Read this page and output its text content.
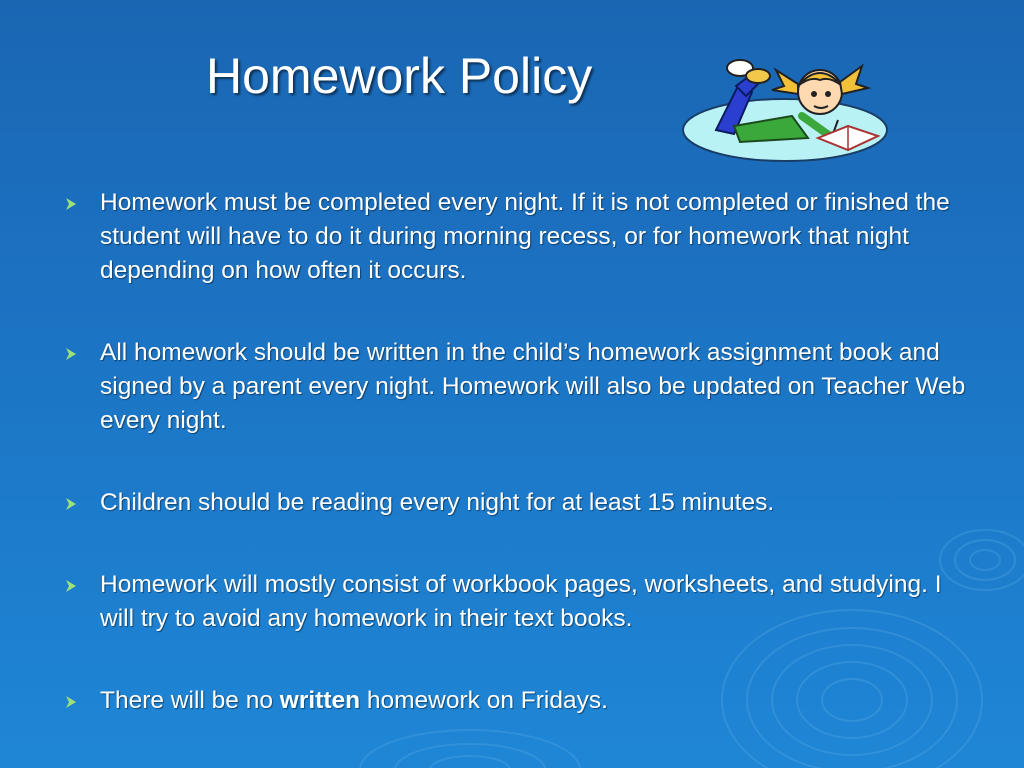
Homework Policy
Homework must be completed every night. If it is not completed or finished the student will have to do it during morning recess, or for homework that night depending on how often it occurs.
All homework should be written in the child’s homework assignment book and signed by a parent every night. Homework will also be updated on Teacher Web every night.
Children should be reading every night for at least 15 minutes.
Homework will mostly consist of workbook pages, worksheets, and studying. I will try to avoid any homework in their text books.
There will be no written homework on Fridays.
